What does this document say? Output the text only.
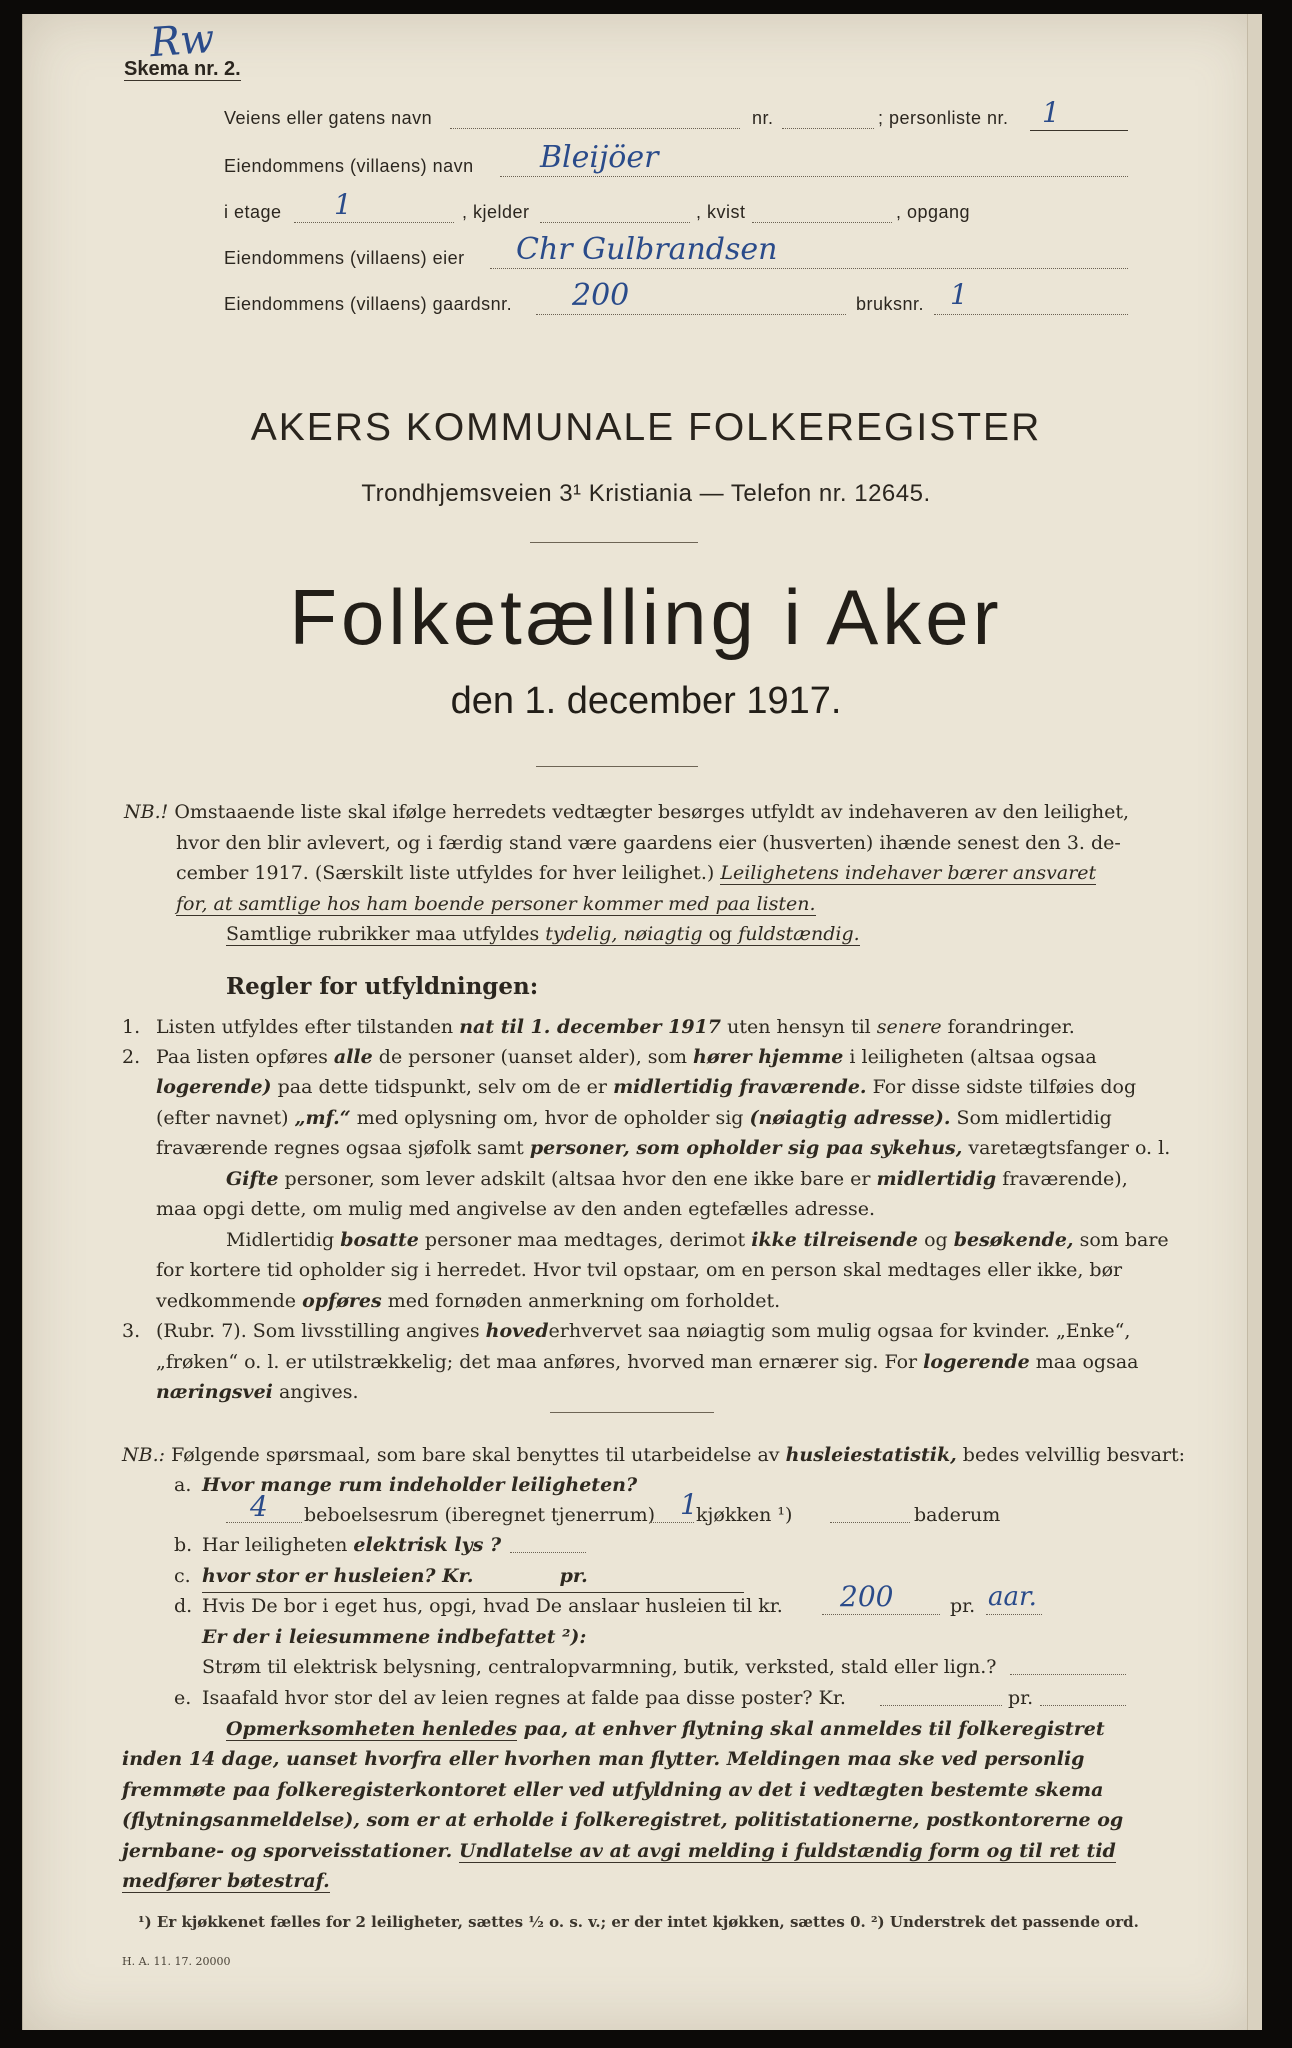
Rw
Skema nr. 2.
Veiens eller gatens navn	nr.	; personliste nr. 1
Eiendommens (villaens) navn Bleijöer
i etage 1	, kjelder	, kvist	, opgang
Eiendommens (villaens) eier Chr Gulbrandsen
Eiendommens (villaens) gaardsnr. 200	bruksnr. 1
AKERS KOMMUNALE FOLKEREGISTER
Trondhjemsveien 3¹ Kristiania — Telefon nr. 12645.
Folketælling i Aker
den 1. december 1917.
NB.! Omstaaende liste skal ifølge herredets vedtægter besørges utfyldt av indehaveren av den leilighet,
hvor den blir avlevert, og i færdig stand være gaardens eier (husverten) ihænde senest den 3. de-
cember 1917. (Særskilt liste utfyldes for hver leilighet.) Leilighetens indehaver bærer ansvaret
for, at samtlige hos ham boende personer kommer med paa listen.
Samtlige rubrikker maa utfyldes tydelig, nøiagtig og fuldstændig.
Regler for utfyldningen:
1. Listen utfyldes efter tilstanden nat til 1. december 1917 uten hensyn til senere forandringer.
2. Paa listen opføres alle de personer (uanset alder), som hører hjemme i leiligheten (altsaa ogsaa
logerende) paa dette tidspunkt, selv om de er midlertidig fraværende. For disse sidste tilføies dog
(efter navnet) „mf.“ med oplysning om, hvor de opholder sig (nøiagtig adresse). Som midlertidig
fraværende regnes ogsaa sjøfolk samt personer, som opholder sig paa sykehus, varetægtsfanger o. l.
Gifte personer, som lever adskilt (altsaa hvor den ene ikke bare er midlertidig fraværende),
maa opgi dette, om mulig med angivelse av den anden egtefælles adresse.
Midlertidig bosatte personer maa medtages, derimot ikke tilreisende og besøkende, som bare
for kortere tid opholder sig i herredet. Hvor tvil opstaar, om en person skal medtages eller ikke, bør
vedkommende opføres med fornøden anmerkning om forholdet.
3. (Rubr. 7). Som livsstilling angives hovederhvervet saa nøiagtig som mulig ogsaa for kvinder. „Enke“,
„frøken“ o. l. er utilstrækkelig; det maa anføres, hvorved man ernærer sig. For logerende maa ogsaa
næringsvei angives.
NB.: Følgende spørsmaal, som bare skal benyttes til utarbeidelse av husleiestatistik, bedes velvillig besvart:
a. Hvor mange rum indeholder leiligheten?
4 beboelsesrum (iberegnet tjenerrum) 1
kjøkken ¹)	baderum
b. Har leiligheten elektrisk lys ?
c. hvor stor er husleien? Kr.	pr.
d. Hvis De bor i eget hus, opgi, hvad De anslaar husleien til kr. 200	pr. aar.
Er der i leiesummene indbefattet ²):
Strøm til elektrisk belysning, centralopvarmning, butik, verksted, stald eller lign.?
e. Isaafald hvor stor del av leien regnes at falde paa disse poster? Kr.	pr.
Opmerksomheten henledes paa, at enhver flytning skal anmeldes til folkeregistret
inden 14 dage, uanset hvorfra eller hvorhen man flytter. Meldingen maa ske ved personlig
fremmøte paa folkeregisterkontoret eller ved utfyldning av det i vedtægten bestemte skema
(flytningsanmeldelse), som er at erholde i folkeregistret, politistationerne, postkontorerne og
jernbane- og sporveisstationer. Undlatelse av at avgi melding i fuldstændig form og til ret tid
medfører bøtestraf.
¹) Er kjøkkenet fælles for 2 leiligheter, sættes ½ o. s. v.; er der intet kjøkken, sættes 0. ²) Understrek det passende ord.
H. A. 11. 17. 20000
